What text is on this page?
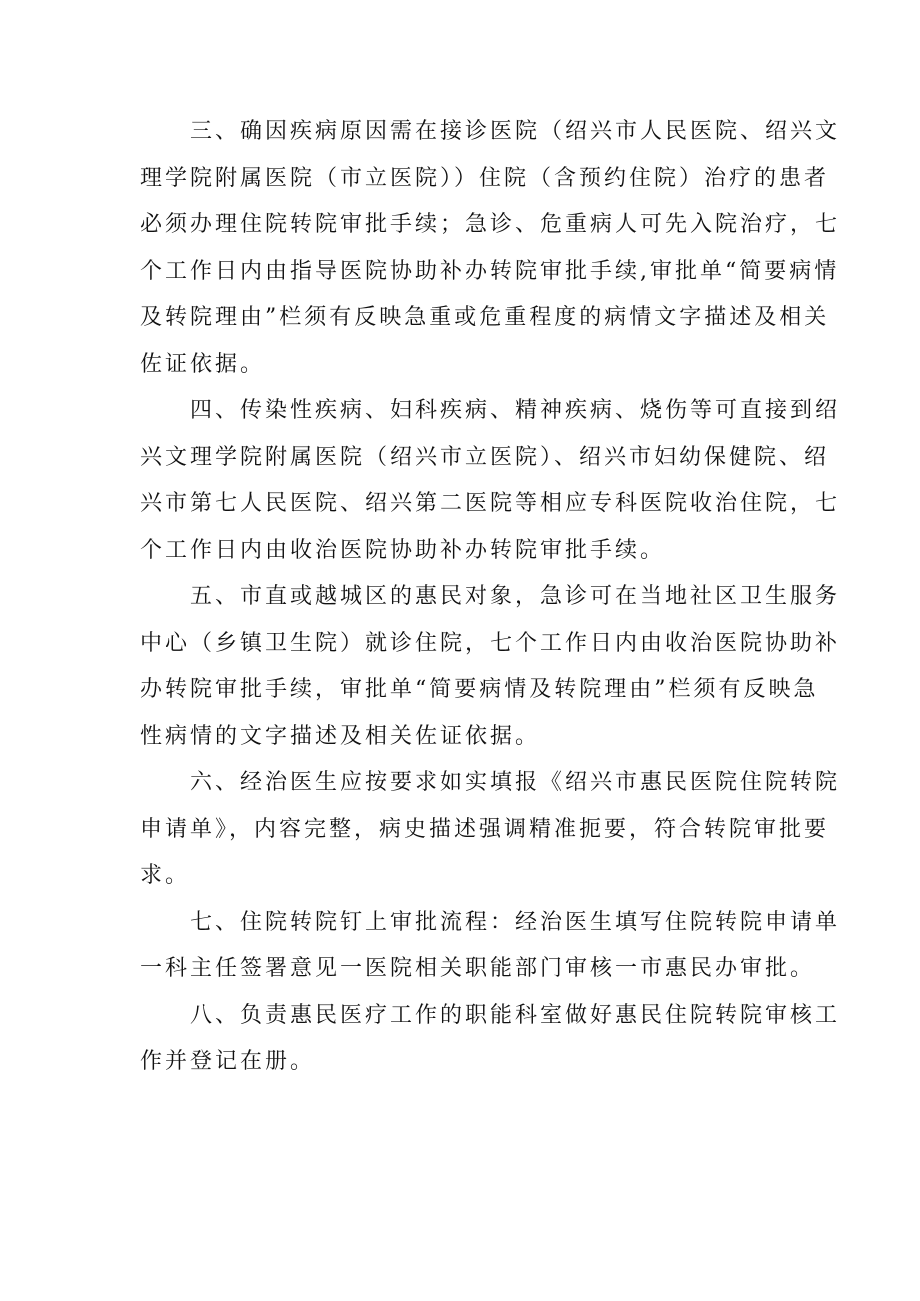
三、确因疾病原因需在接诊医院（绍兴市人民医院、绍兴文
理学院附属医院（市立医院））住院（含预约住院）治疗的患者
必须办理住院转院审批手续；急诊、危重病人可先入院治疗，七
个工作日内由指导医院协助补办转院审批手续,审批单“简要病情
及转院理由”栏须有反映急重或危重程度的病情文字描述及相关
佐证依据。
四、传染性疾病、妇科疾病、精神疾病、烧伤等可直接到绍
兴文理学院附属医院（绍兴市立医院）、绍兴市妇幼保健院、绍
兴市第七人民医院、绍兴第二医院等相应专科医院收治住院，七
个工作日内由收治医院协助补办转院审批手续。
五、市直或越城区的惠民对象，急诊可在当地社区卫生服务
中心（乡镇卫生院）就诊住院，七个工作日内由收治医院协助补
办转院审批手续，审批单“简要病情及转院理由”栏须有反映急
性病情的文字描述及相关佐证依据。
六、经治医生应按要求如实填报《绍兴市惠民医院住院转院
申请单》，内容完整，病史描述强调精准扼要，符合转院审批要
求。
七、住院转院钉上审批流程：经治医生填写住院转院申请单
一科主任签署意见一医院相关职能部门审核一市惠民办审批。
八、负责惠民医疗工作的职能科室做好惠民住院转院审核工
作并登记在册。
